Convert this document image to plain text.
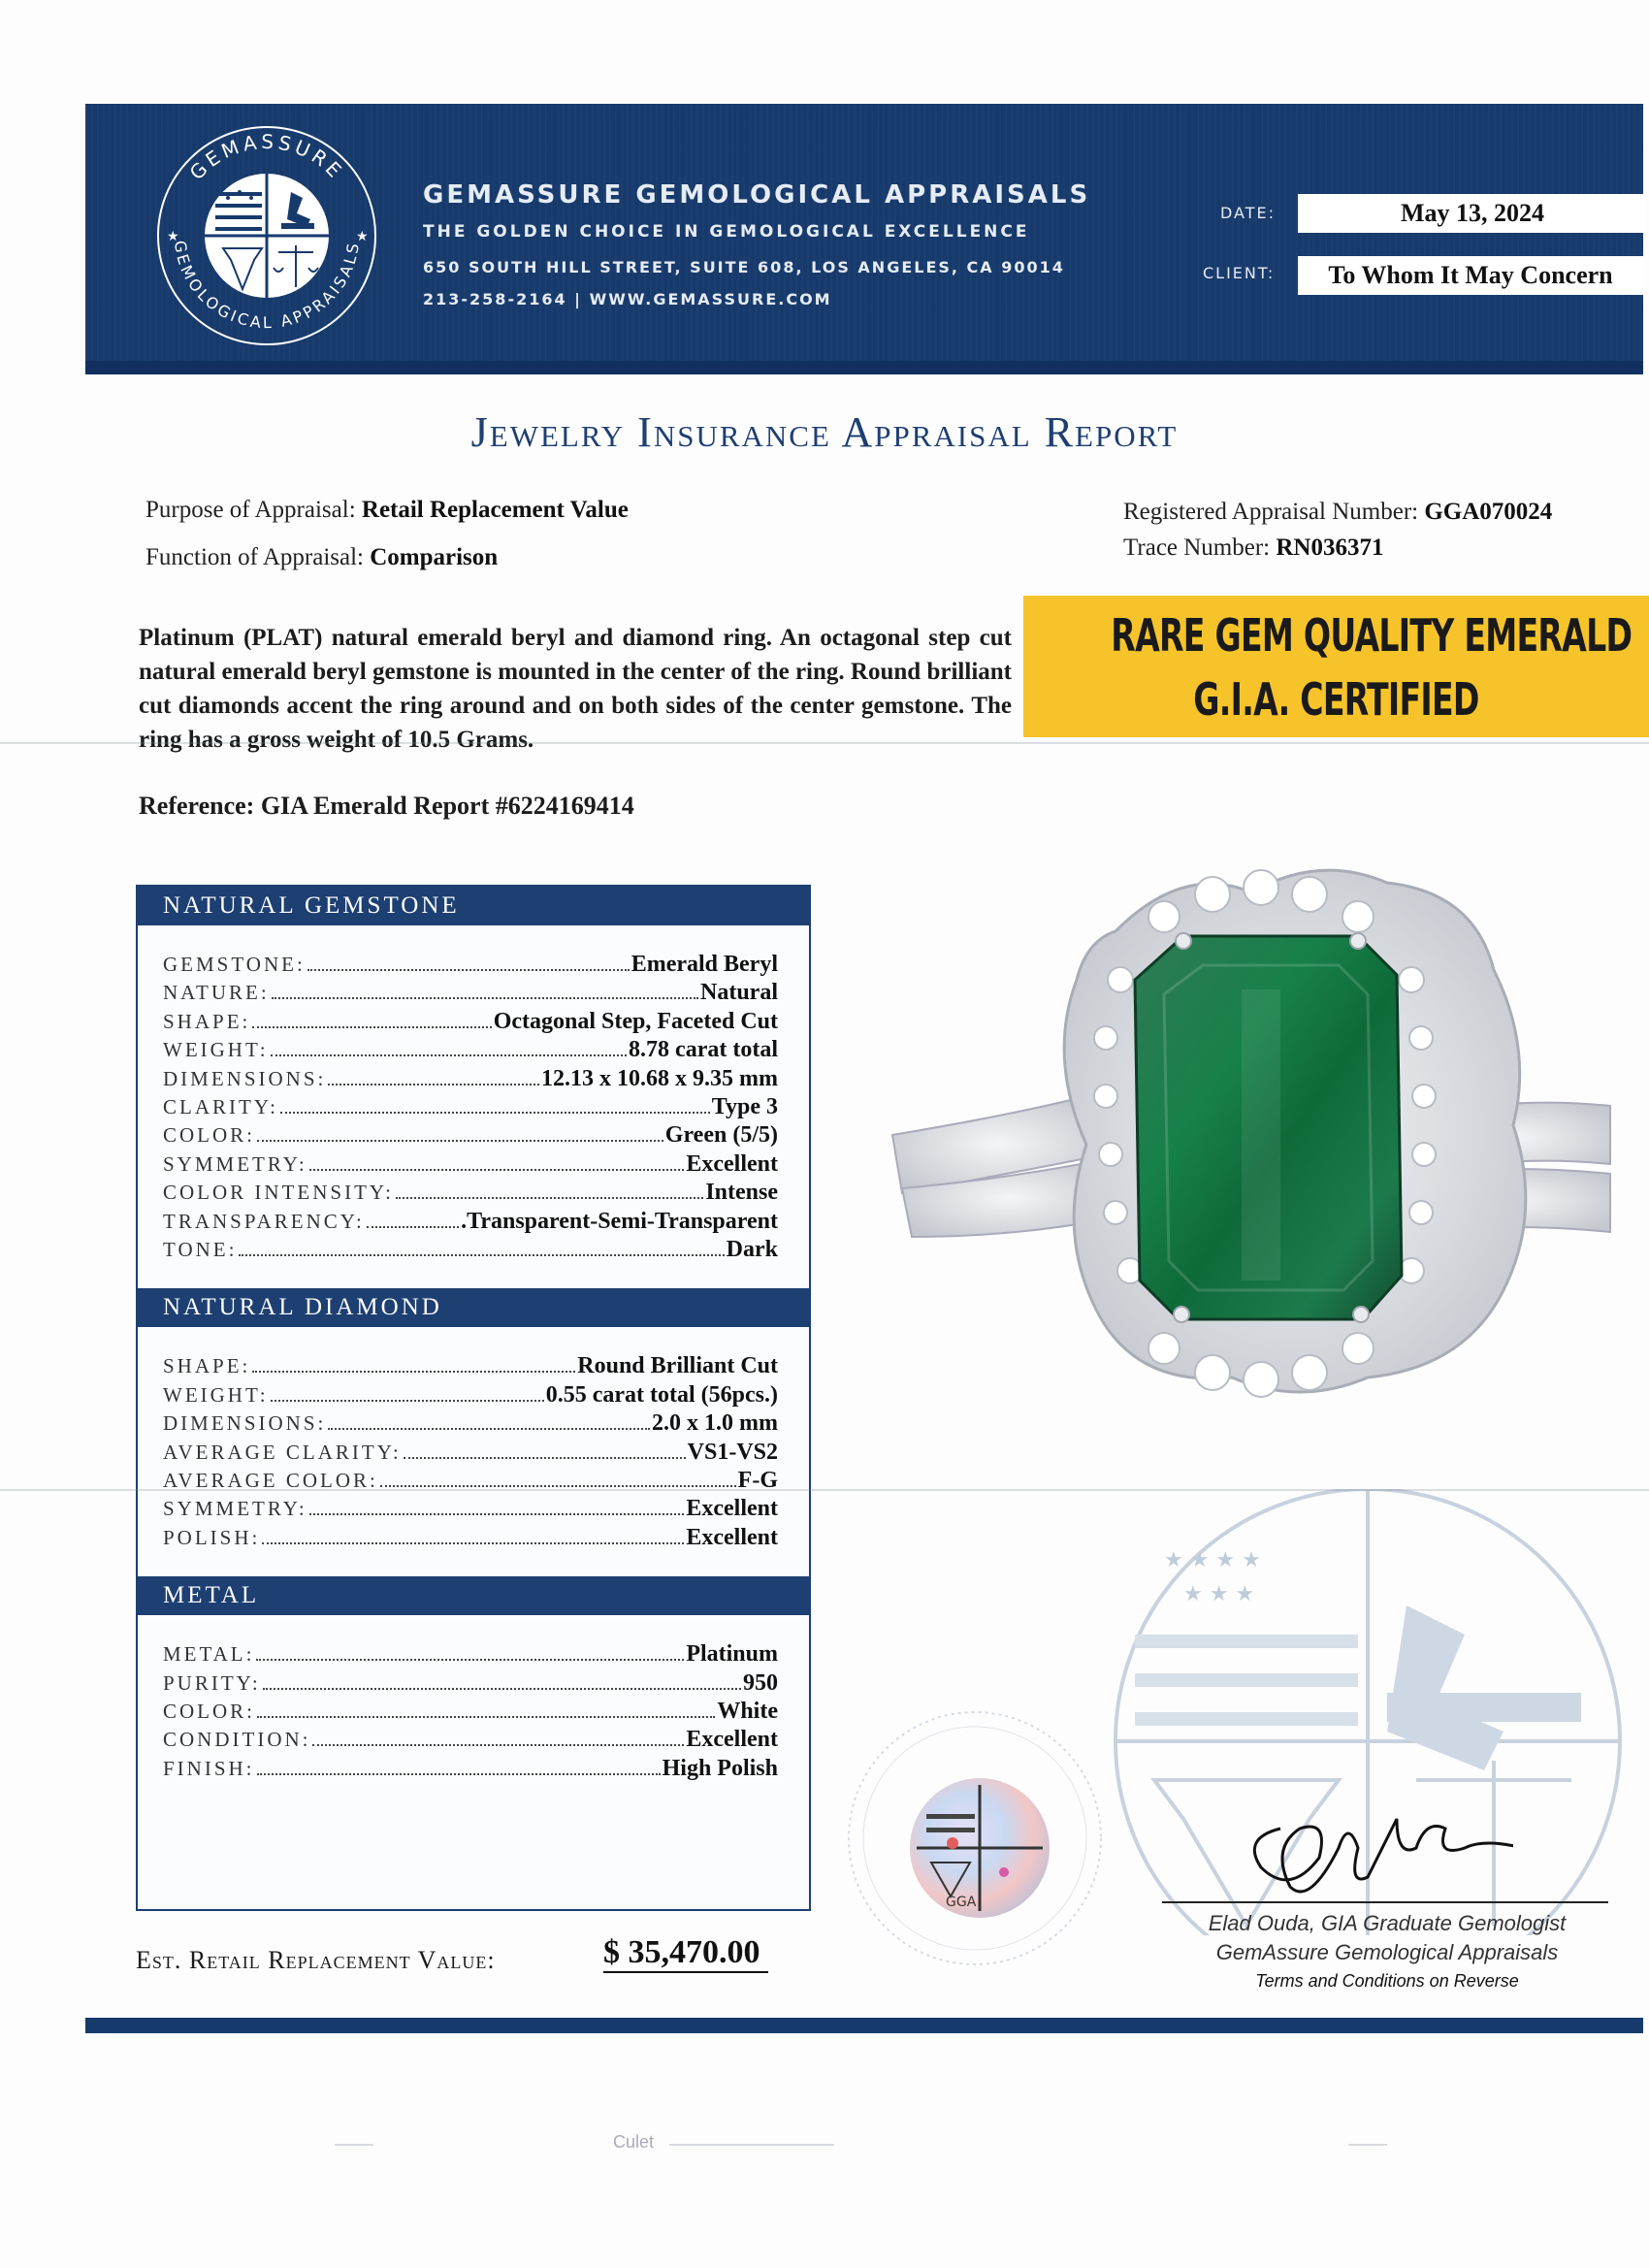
GEMASSURE
GEMOLOGICAL APPRAISALS
★	★
GEMASSURE GEMOLOGICAL APPRAISALS
THE GOLDEN CHOICE IN GEMOLOGICAL EXCELLENCE
650 SOUTH HILL STREET, SUITE 608, LOS ANGELES, CA 90014
213-258-2164 | WWW.GEMASSURE.COM
DATE:	May 13, 2024
CLIENT:	To Whom It May Concern
Jewelry Insurance Appraisal Report
Purpose of Appraisal: Retail Replacement Value
Function of Appraisal: Comparison
Registered Appraisal Number: GGA070024
Trace Number: RN036371
RARE GEM QUALITY EMERALD
G.I.A. CERTIFIED
Platinum (PLAT) natural emerald beryl and diamond ring. An octagonal step cut natural emerald beryl gemstone is mounted in the center of the ring. Round brilliant cut diamonds accent the ring around and on both sides of the center gemstone. The ring has a gross weight of 10.5 Grams.
Reference: GIA Emerald Report #6224169414
★ ★ ★ ★
★ ★ ★
GGA
NATURAL GEMSTONE
GEMSTONE:	Emerald Beryl
NATURE:	Natural
SHAPE:	Octagonal Step, Faceted Cut
WEIGHT:	8.78 carat total
DIMENSIONS:	12.13 x 10.68 x 9.35 mm
CLARITY:	Type 3
COLOR:	Green (5/5)
SYMMETRY:	Excellent
COLOR INTENSITY:	Intense
TRANSPARENCY:	.Transparent-Semi-Transparent
TONE:	Dark
NATURAL DIAMOND
SHAPE:	Round Brilliant Cut
WEIGHT:	0.55 carat total (56pcs.)
DIMENSIONS:	2.0 x 1.0 mm
AVERAGE CLARITY:	VS1-VS2
AVERAGE COLOR:	F-G
SYMMETRY:	Excellent
POLISH:	Excellent
METAL
METAL:	Platinum
PURITY:	950
COLOR:	White
CONDITION:	Excellent
FINISH:	High Polish
Est. Retail Replacement Value:	$ 35,470.00
Elad Ouda, GIA Graduate Gemologist
GemAssure Gemological Appraisals
Terms and Conditions on Reverse
Culet
